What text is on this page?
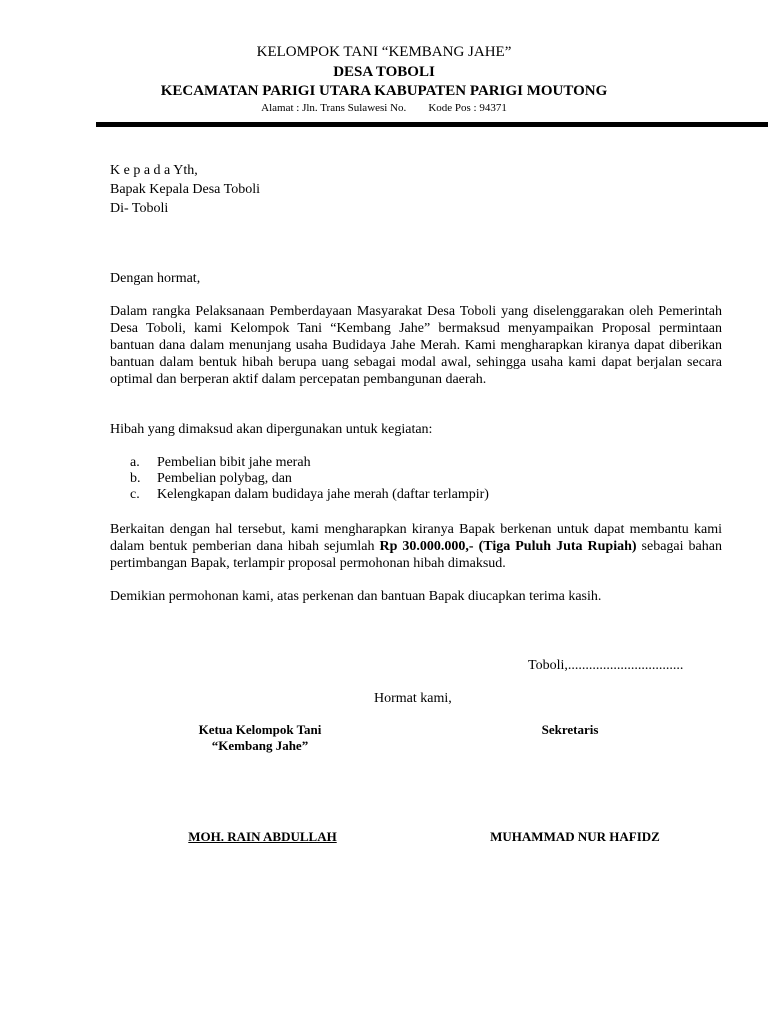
KELOMPOK TANI “KEMBANG JAHE”
DESA TOBOLI
KECAMATAN PARIGI UTARA KABUPATEN PARIGI MOUTONG
Alamat : Jln. Trans Sulawesi No. Kode Pos : 94371
K e p a d a Yth,
Bapak Kepala Desa Toboli
Di- Toboli
Dengan hormat,
Dalam rangka Pelaksanaan Pemberdayaan Masyarakat Desa Toboli yang diselenggarakan oleh Pemerintah Desa Toboli, kami Kelompok Tani “Kembang Jahe” bermaksud menyampaikan Proposal permintaan bantuan dana dalam menunjang usaha Budidaya Jahe Merah. Kami mengharapkan kiranya dapat diberikan bantuan dalam bentuk hibah berupa uang sebagai modal awal, sehingga usaha kami dapat berjalan secara optimal dan berperan aktif dalam percepatan pembangunan daerah.
Hibah yang dimaksud akan dipergunakan untuk kegiatan:
a. Pembelian bibit jahe merah
b. Pembelian polybag, dan
c. Kelengkapan dalam budidaya jahe merah (daftar terlampir)
Berkaitan dengan hal tersebut, kami mengharapkan kiranya Bapak berkenan untuk dapat membantu kami dalam bentuk pemberian dana hibah sejumlah Rp 30.000.000,- (Tiga Puluh Juta Rupiah) sebagai bahan pertimbangan Bapak, terlampir proposal permohonan hibah dimaksud.
Demikian permohonan kami, atas perkenan dan bantuan Bapak diucapkan terima kasih.
Toboli,.................................
Hormat kami,
Ketua Kelompok Tani
“Kembang Jahe”
Sekretaris
MOH. RAIN ABDULLAH	MUHAMMAD NUR HAFIDZ
